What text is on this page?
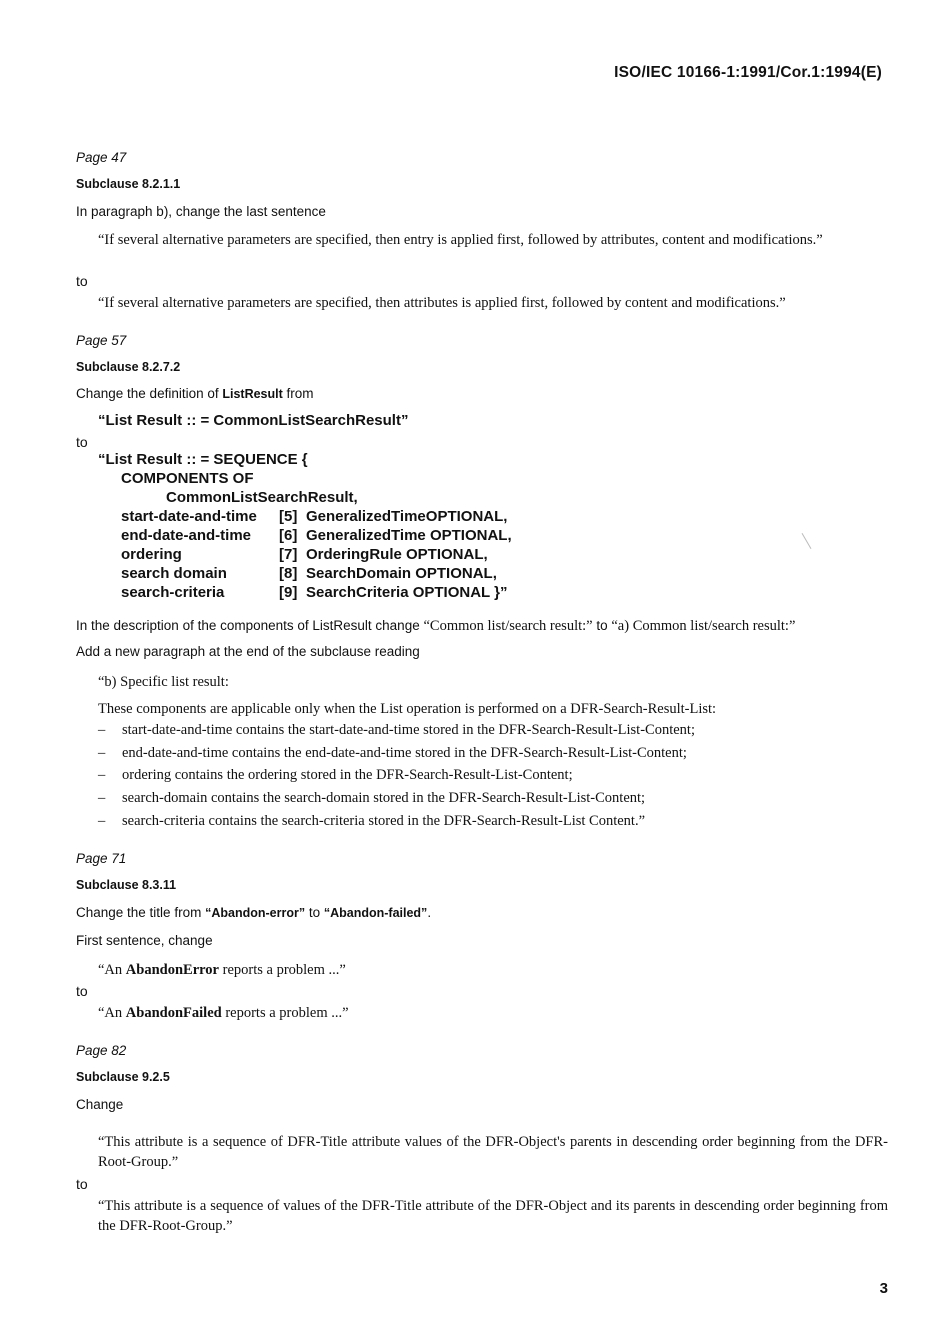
ISO/IEC 10166-1:1991/Cor.1:1994(E)
Page 47
Subclause 8.2.1.1
In paragraph b), change the last sentence
“If several alternative parameters are specified, then entry is applied first, followed by attributes, content and modifications.”
to
“If several alternative parameters are specified, then attributes is applied first, followed by content and modifications.”
Page 57
Subclause 8.2.7.2
Change the definition of ListResult from
“List Result :: = CommonListSearchResult”
to
“List Result :: = SEQUENCE {
COMPONENTS OF
CommonListSearchResult,
start-date-and-time [5] GeneralizedTimeOPTIONAL,
end-date-and-time [6] GeneralizedTime OPTIONAL,
ordering	[7] OrderingRule OPTIONAL,
search domain	[8] SearchDomain OPTIONAL,
search-criteria	[9] SearchCriteria OPTIONAL }”
In the description of the components of ListResult change “Common list/search result:” to “a) Common list/search result:”
Add a new paragraph at the end of the subclause reading
“b) Specific list result:
These components are applicable only when the List operation is performed on a DFR-Search-Result-List:
– start-date-and-time contains the start-date-and-time stored in the DFR-Search-Result-List-Content;
– end-date-and-time contains the end-date-and-time stored in the DFR-Search-Result-List-Content;
– ordering contains the ordering stored in the DFR-Search-Result-List-Content;
– search-domain contains the search-domain stored in the DFR-Search-Result-List-Content;
– search-criteria contains the search-criteria stored in the DFR-Search-Result-List Content.”
Page 71
Subclause 8.3.11
Change the title from “Abandon-error” to “Abandon-failed”.
First sentence, change
“An AbandonError reports a problem ...”
to
“An AbandonFailed reports a problem ...”
Page 82
Subclause 9.2.5
Change
“This attribute is a sequence of DFR-Title attribute values of the DFR-Object's parents in descending order beginning from the DFR-Root-Group.”
to
“This attribute is a sequence of values of the DFR-Title attribute of the DFR-Object and its parents in descending order beginning from the DFR-Root-Group.”
3
